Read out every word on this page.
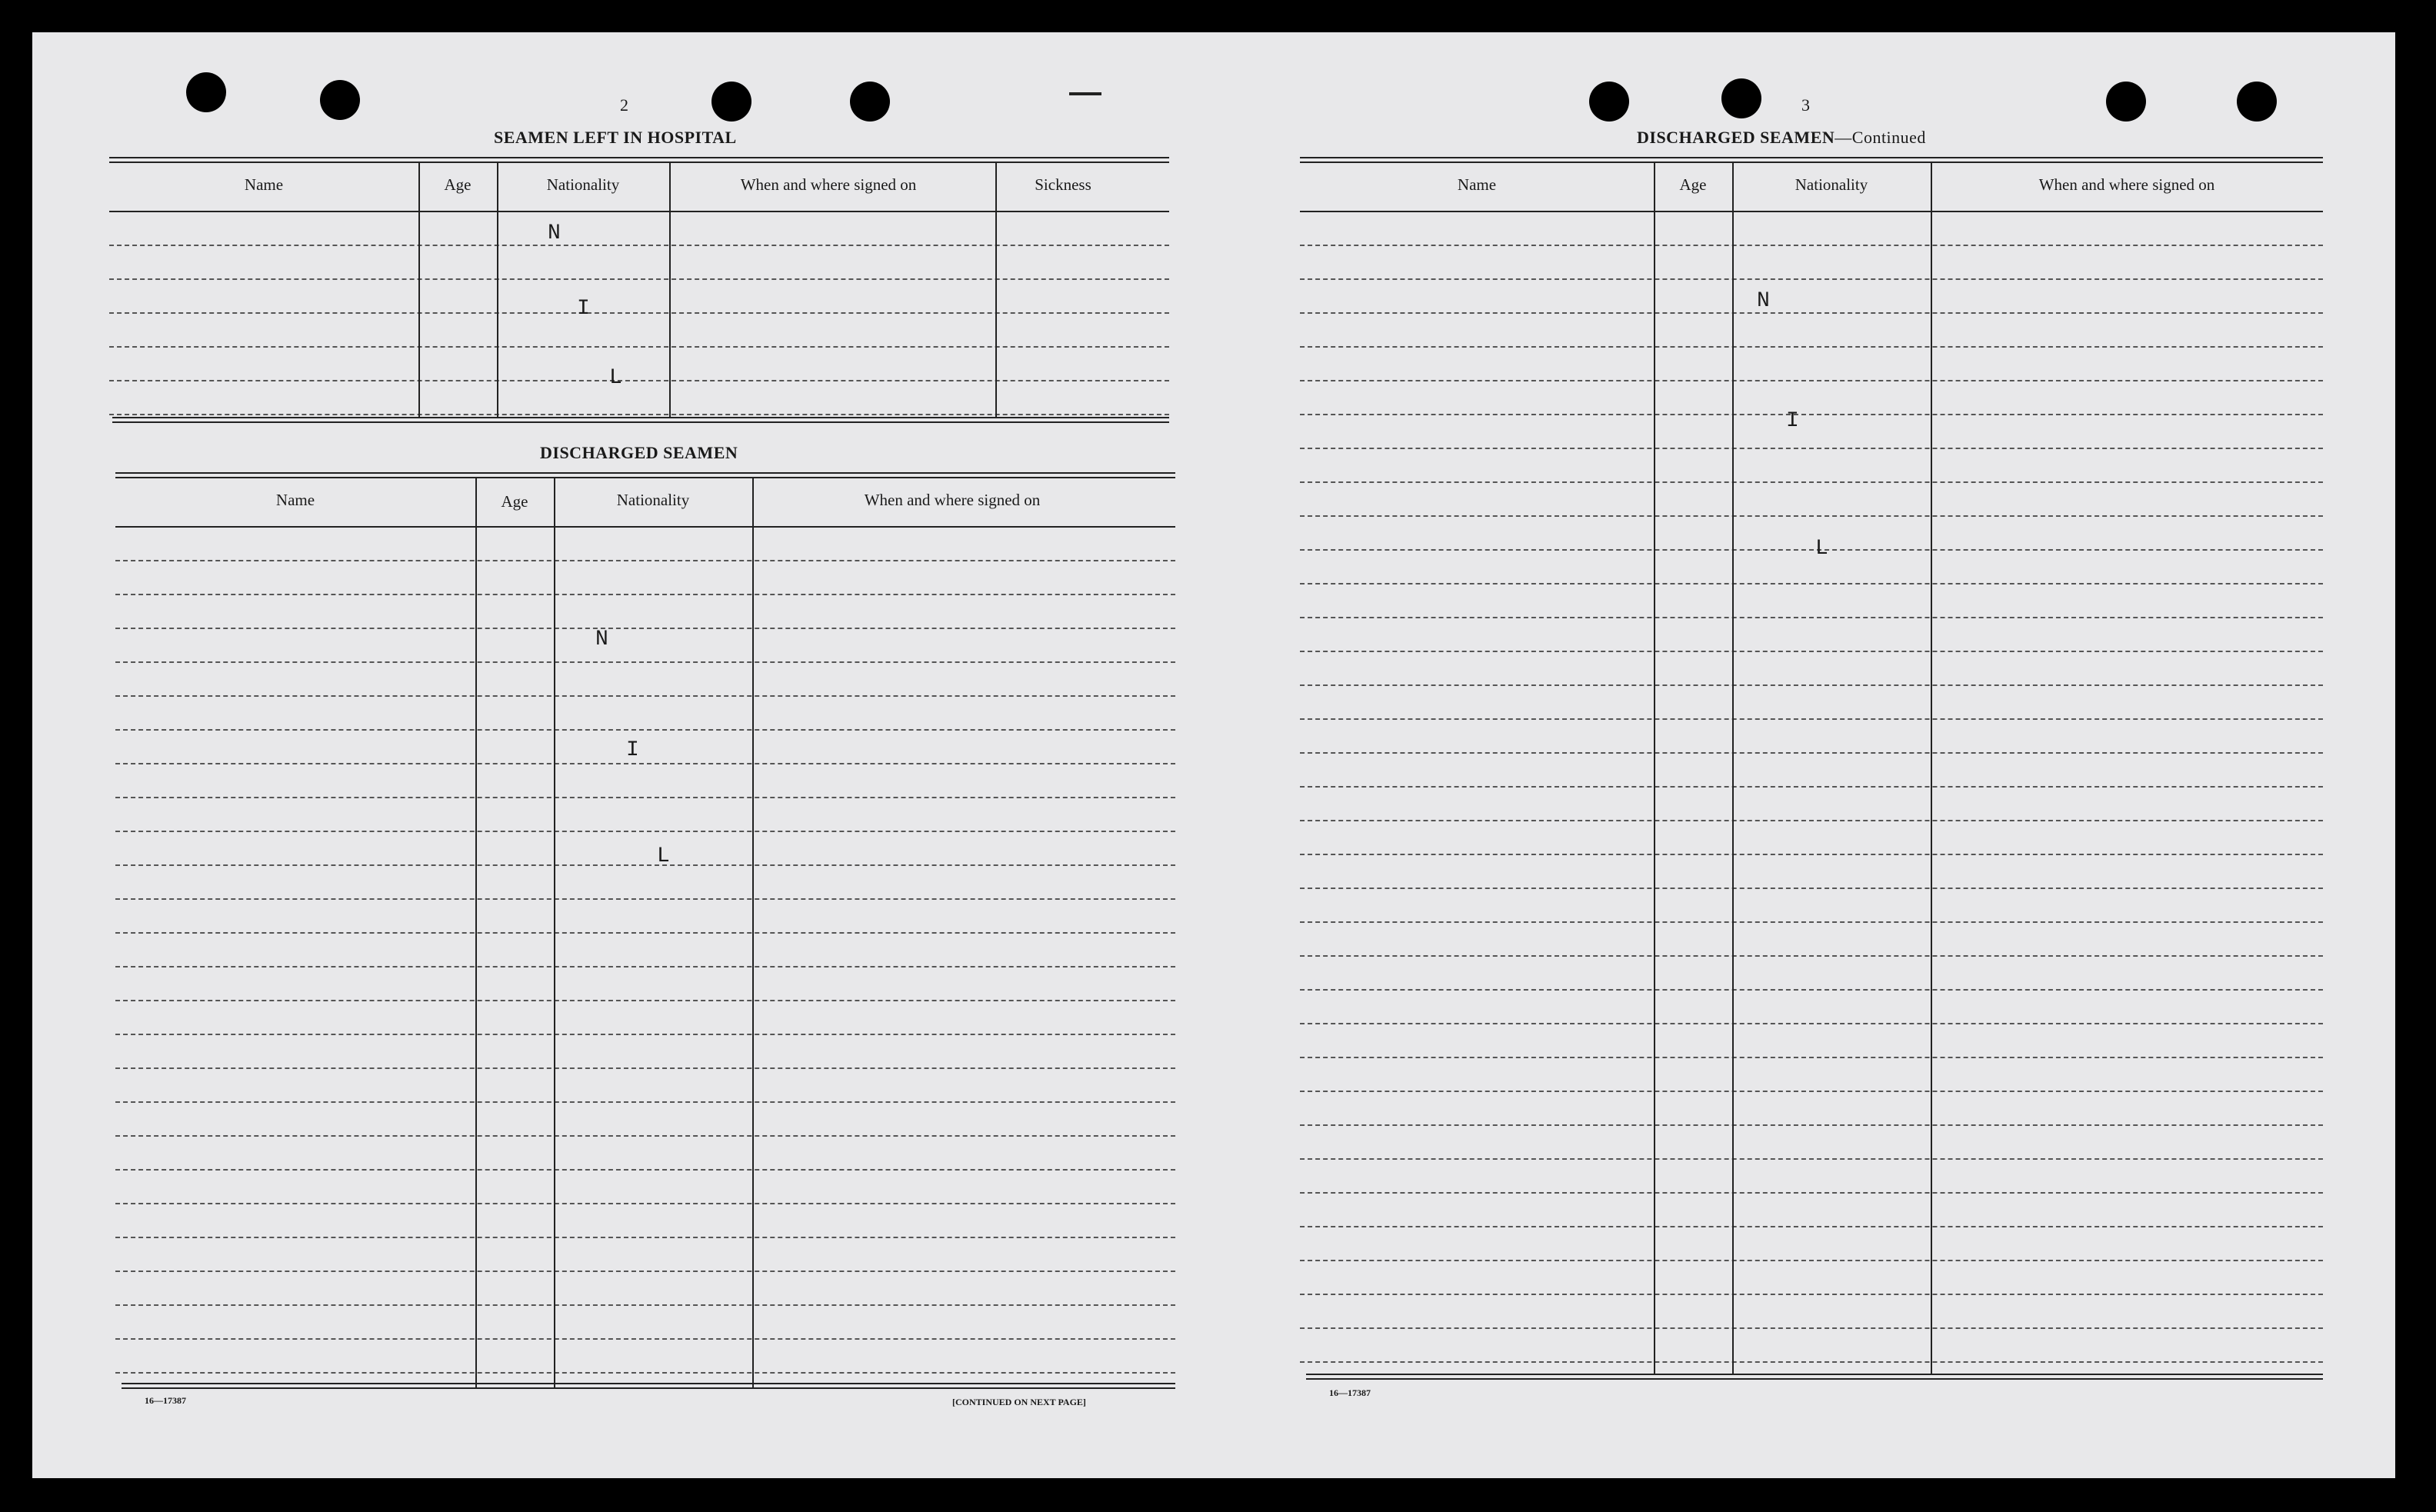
2
SEAMEN LEFT IN HOSPITAL
Name	Age	Nationality	When and where signed on	Sickness
N
I
L
DISCHARGED SEAMEN
Name	Age	Nationality	When and where signed on
N
I
L
16—17387	[CONTINUED ON NEXT PAGE]
3
DISCHARGED SEAMEN—Continued
Name	Age	Nationality	When and where signed on
N
I
L
16—17387
